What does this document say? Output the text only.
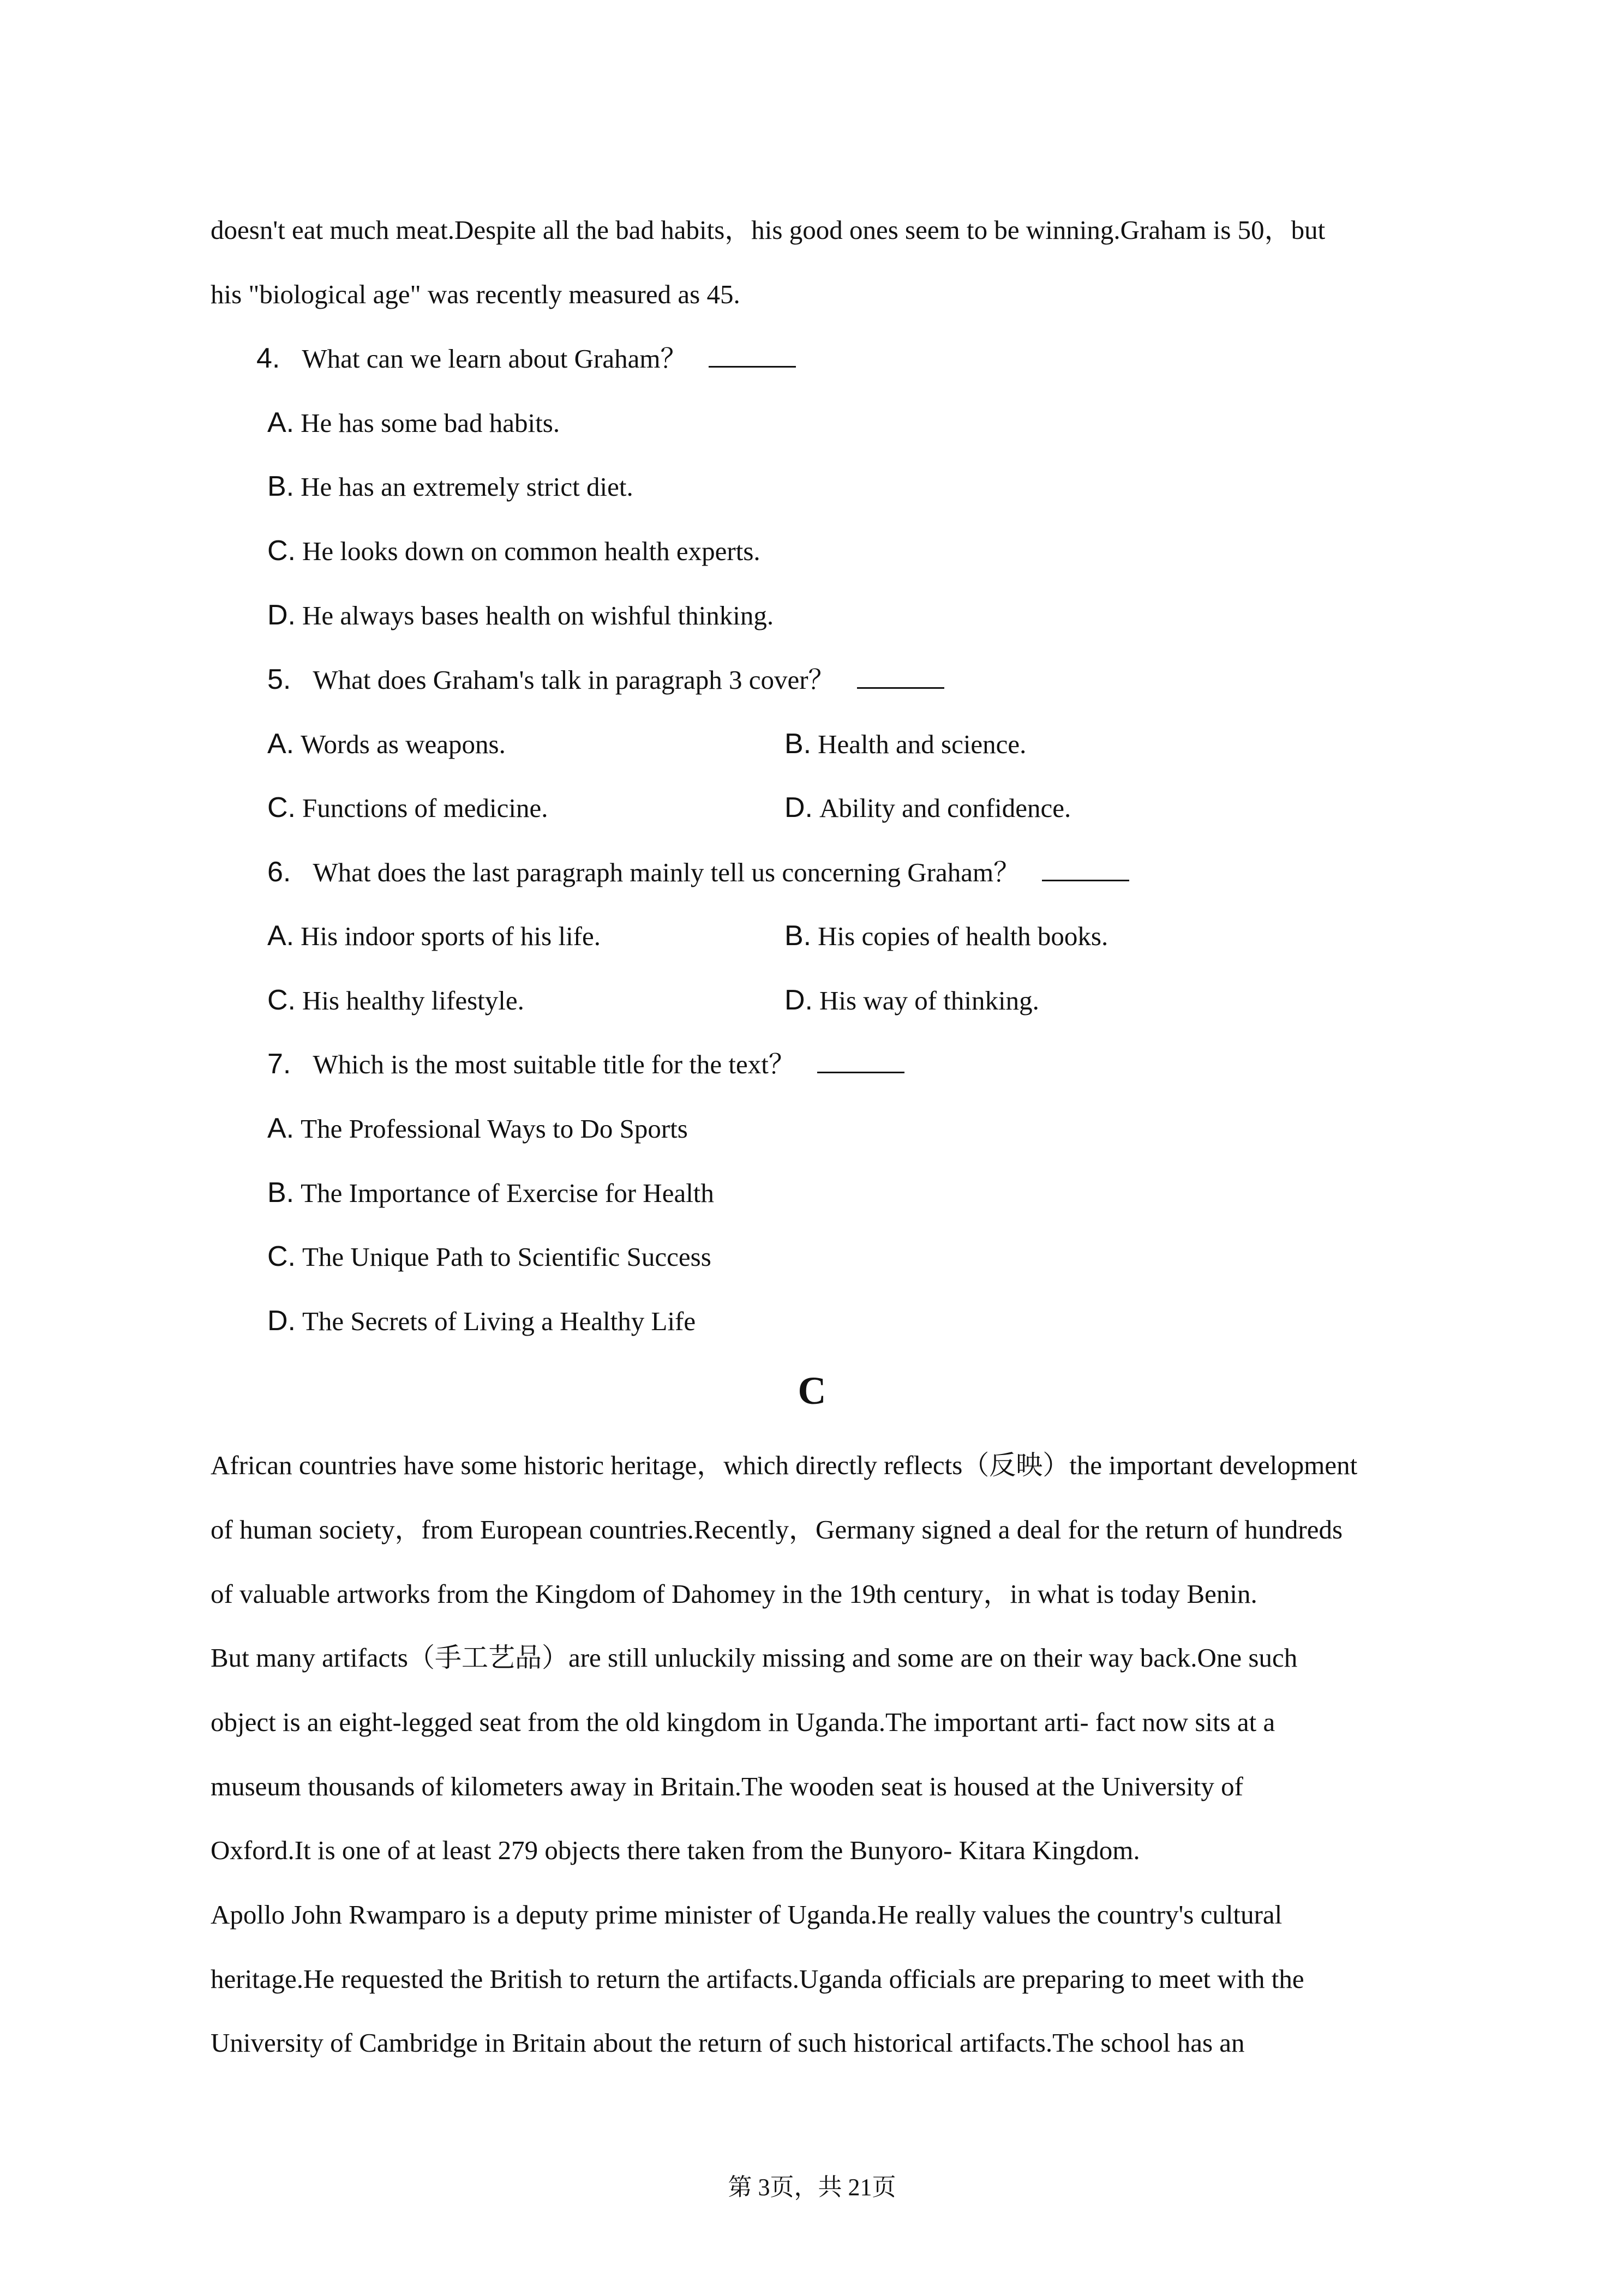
doesn't eat much meat.Despite all the bad habits，his good ones seem to be winning.Graham is 50，but
his "biological age" was recently measured as 45.
4. What can we learn about Graham？
A. He has some bad habits.
B. He has an extremely strict diet.
C. He looks down on common health experts.
D. He always bases health on wishful thinking.
5. What does Graham's talk in paragraph 3 cover？
A. Words as weapons.	B. Health and science.
C. Functions of medicine.	D. Ability and confidence.
6. What does the last paragraph mainly tell us concerning Graham？
A. His indoor sports of his life.	B. His copies of health books.
C. His healthy lifestyle.	D. His way of thinking.
7. Which is the most suitable title for the text？
A. The Professional Ways to Do Sports
B. The Importance of Exercise for Health
C. The Unique Path to Scientific Success
D. The Secrets of Living a Healthy Life
C
African countries have some historic heritage，which directly reflects（反映）the important development
of human society，from European countries.Recently，Germany signed a deal for the return of hundreds
of valuable artworks from the Kingdom of Dahomey in the 19th century，in what is today Benin.
But many artifacts（手工艺品）are still unluckily missing and some are on their way back.One such
object is an eight-legged seat from the old kingdom in Uganda.The important arti- fact now sits at a
museum thousands of kilometers away in Britain.The wooden seat is housed at the University of
Oxford.It is one of at least 279 objects there taken from the Bunyoro- Kitara Kingdom.
Apollo John Rwamparo is a deputy prime minister of Uganda.He really values the country's cultural
heritage.He requested the British to return the artifacts.Uganda officials are preparing to meet with the
University of Cambridge in Britain about the return of such historical artifacts.The school has an
第 3页，共 21页
